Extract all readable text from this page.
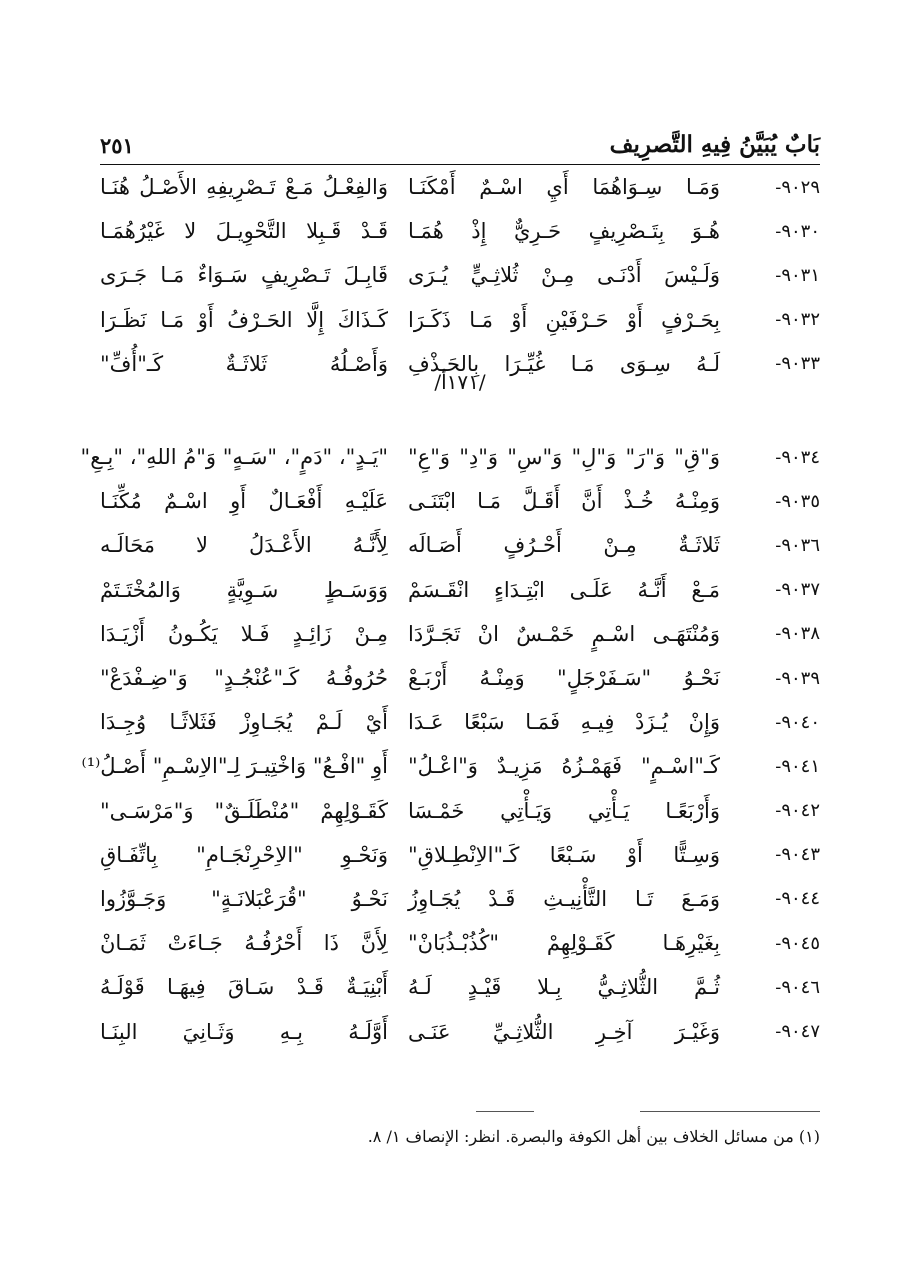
٢٥١	بَابٌ يُبَيَّنُ فِيهِ التَّصرِيف
٩٠٢٩-
وَمَـا سِـوَاهُمَا أَيِ اسْـمٌ أَمْكَنَـا
وَالفِعْـلُ مَـعْ تَـصْرِيفِهِ الأَصْـلُ هُنَـا
٩٠٣٠-
هُـوَ بِتَـصْرِيفٍ حَـرِيٌّ إِذْ هُمَـا
قَـدْ قَـبِلا التَّحْوِيـلَ لا غَيْرُهُمَـا
٩٠٣١-
وَلَـيْسَ أَدْنَـى مِـنْ ثُلاثِـيٍّ يُـرَى
قَابِـلَ تَـصْرِيفٍ سَـوَاءٌ مَـا جَـرَى
٩٠٣٢-
بِحَـرْفٍ أَوْ حَـرْفَيْنِ أَوْ مَـا ذَكَـرَا
كَـذَاكَ إِلَّا الحَـرْفُ أَوْ مَـا نَظَـرَا
٩٠٣٣-
لَـهُ سِـوَى مَـا غُيِّـرَا بِالحَـذْفِ
وَأَصْـلُهُ ثَلاثَـةٌ كَـ"أُفِّ"
/١٧١أ/
٩٠٣٤-
وَ"قِ" وَ"رَ" وَ"لِ" وَ"سِ" وَ"دِ" وَ"عِ"
"يَـدٍ"، "دَمٍ"، "سَـهٍ" وَ"مُ اللهِ"، "بِـعِ"
٩٠٣٥-
وَمِنْـهُ خُـذْ أَنَّ أَقَـلَّ مَـا ابْتَنَـى
عَلَيْـهِ أَفْعَـالٌ أَوِ اسْـمٌ مُكِّنَـا
٩٠٣٦-
ثَلاثَـةٌ مِـنْ أَحْـرُفٍ أَصَـالَه
لِأَنَّـهُ الأَعْـدَلُ لا مَحَالَـه
٩٠٣٧-
مَـعْ أَنَّـهُ عَلَـى ابْتِـدَاءٍ انْقَـسَمْ
وَوَسَـطٍ سَـوِيَّةٍ وَالمُخْتَـتَمْ
٩٠٣٨-
وَمُنْتَهَـى اسْـمٍ خَمْـسٌ انْ تَجَـرَّدَا
مِـنْ زَائِـدٍ فَـلا يَكُـونُ أَزْيَـدَا
٩٠٣٩-
نَحْـوُ "سَـفَرْجَلٍ" وَمِنْـهُ أَرْبَـعْ
حُرُوفُـهُ كَـ"عُنْجُـدٍ" وَ"ضِـفْدَعْ"
٩٠٤٠-
وَإِنْ يُـزَدْ فِيـهِ فَمَـا سَبْعًا عَـدَا
أَيْ لَـمْ يُجَـاوِزْ فَثَلاثًـا وُجِـدَا
٩٠٤١-
كَـ"اسْـمٍ" فَهَمْـزُهُ مَزِيـدٌ وَ"اعْـلُ"
أَوِ "افْـعُ" وَاخْتِيـرَ لِـ"الاِسْـمِ" أَصْـلُ⁽¹⁾
٩٠٤٢-
وَأَرْبَعًـا يَـأْتِي وَيَـأْتِي خَمْـسَا
كَقَـوْلِهِمْ "مُنْطَلَـقٌ" وَ"مَرْسَـى"
٩٠٤٣-
وَسِـتًّا أَوْ سَـبْعًا كَـ"الاِنْطِـلاقِ"
وَنَحْـوِ "الاِحْرِنْجَـامِ" بِاتِّفَـاقِ
٩٠٤٤-
وَمَـعَ تَـا التَّأْنِيـثِ قَـدْ يُجَـاوِزُ
نَحْـوُ "قُرَعْبَلانَـةٍ" وَجَـوَّزُوا
٩٠٤٥-
بِغَيْرِهَـا كَقَـوْلِهِمْ "كُذُبْـذُبَانْ"
لِأَنَّ ذَا أَحْرُفُـهُ جَـاءَتْ ثَمَـانْ
٩٠٤٦-
ثُـمَّ الثُّلاثِـيُّ بِـلا قَيْـدٍ لَـهُ
أَبْنِيَـةٌ قَـدْ سَـاقَ فِيهَـا قَوْلَـهُ
٩٠٤٧-
وَغَيْـرَ آخِـرِ الثُّلاثِـيِّ عَنَـى
أَوَّلَـهُ بِـهِ وَثَـانِيَ البِنَـا
(١) من مسائل الخلاف بين أهل الكوفة والبصرة. انظر: الإنصاف ١/ ٨.
